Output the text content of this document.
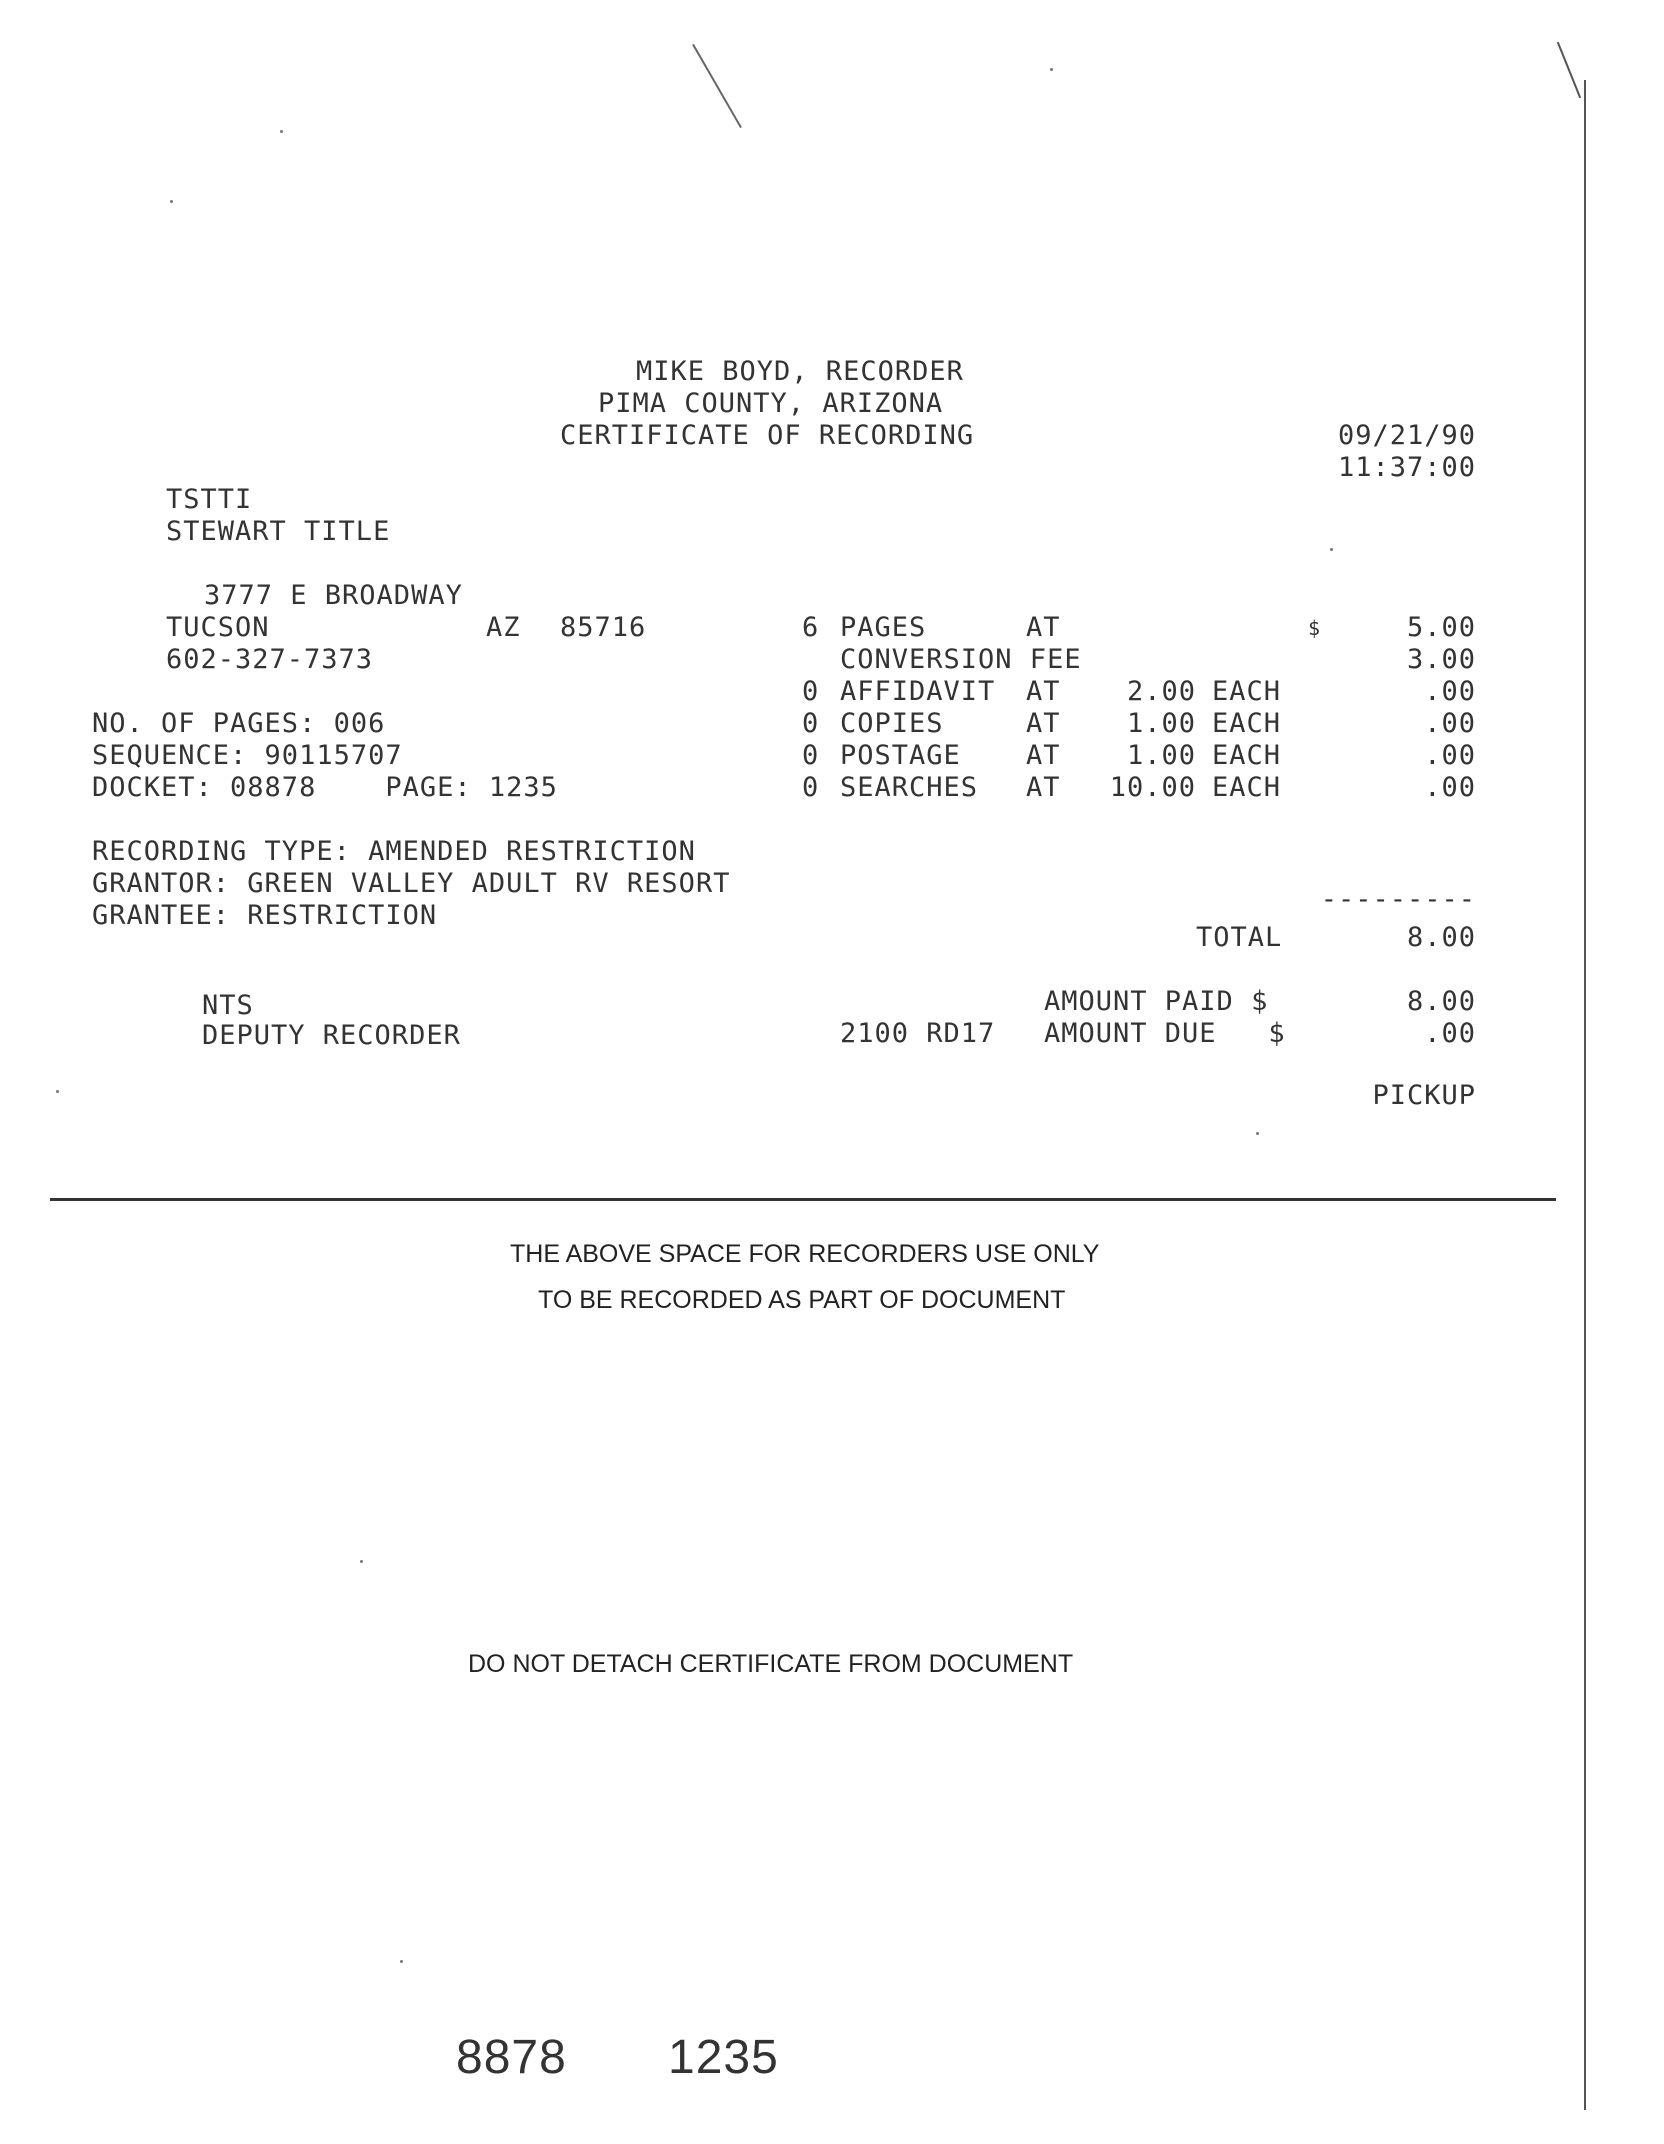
MIKE BOYD, RECORDER
PIMA COUNTY, ARIZONA
CERTIFICATE OF RECORDING	09/21/90
11:37:00
TSTTI
STEWART TITLE
3777 E BROADWAY
TUCSON	AZ 85716
602-327-7373
NO. OF PAGES: 006
SEQUENCE: 90115707
DOCKET: 08878    PAGE: 1235
RECORDING TYPE: AMENDED RESTRICTION
GRANTOR: GREEN VALLEY ADULT RV RESORT
GRANTEE: RESTRICTION
6 PAGES	AT	$	5.00
CONVERSION FEE	3.00
0 AFFIDAVIT AT	2.00 EACH	.00
0 COPIES	AT	1.00 EACH	.00
0 POSTAGE AT	1.00 EACH	.00
0 SEARCHES AT	10.00 EACH	.00
---------
TOTAL	8.00
AMOUNT PAID $	8.00
AMOUNT DUE   $	.00
PICKUP
NTS
DEPUTY RECORDER	2100 RD17
THE ABOVE SPACE FOR RECORDERS USE ONLY
TO BE RECORDED AS PART OF DOCUMENT
DO NOT DETACH CERTIFICATE FROM DOCUMENT
8878 1235
